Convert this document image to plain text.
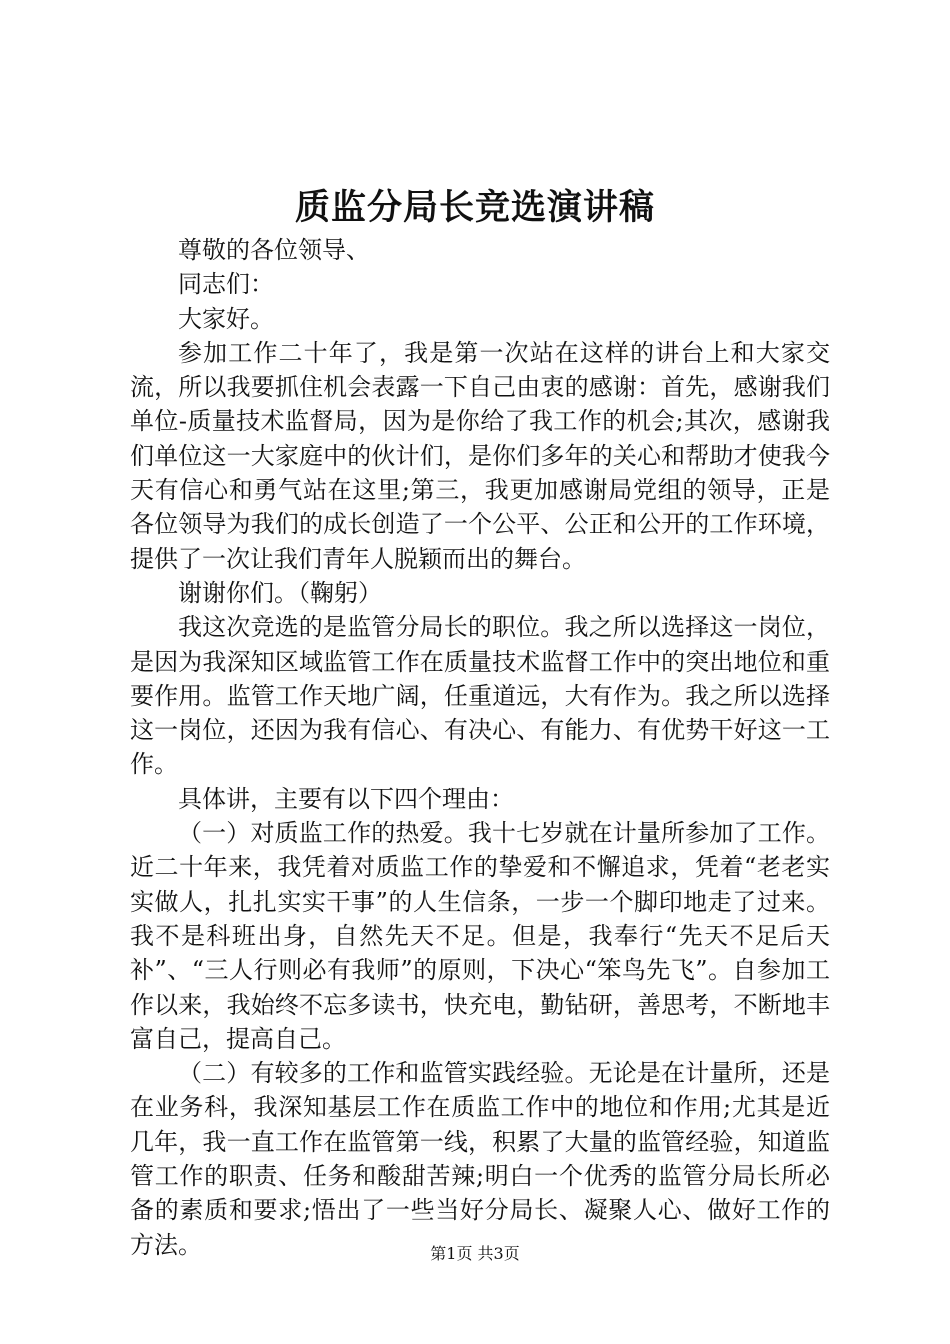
质监分局长竞选演讲稿

尊敬的各位领导、

同志们：

大家好。

参加工作二十年了，我是第一次站在这样的讲台上和大家交流，所以我要抓住机会表露一下自己由衷的感谢：首先，感谢我们单位-质量技术监督局，因为是你给了我工作的机会;其次，感谢我们单位这一大家庭中的伙计们，是你们多年的关心和帮助才使我今天有信心和勇气站在这里;第三，我更加感谢局党组的领导，正是各位领导为我们的成长创造了一个公平、公正和公开的工作环境，提供了一次让我们青年人脱颖而出的舞台。

谢谢你们。（鞠躬）

我这次竞选的是监管分局长的职位。我之所以选择这一岗位，是因为我深知区域监管工作在质量技术监督工作中的突出地位和重要作用。监管工作天地广阔，任重道远，大有作为。我之所以选择这一岗位，还因为我有信心、有决心、有能力、有优势干好这一工作。

具体讲，主要有以下四个理由：

（一）对质监工作的热爱。我十七岁就在计量所参加了工作。近二十年来，我凭着对质监工作的挚爱和不懈追求，凭着“老老实实做人，扎扎实实干事”的人生信条，一步一个脚印地走了过来。我不是科班出身，自然先天不足。但是，我奉行“先天不足后天补”、“三人行则必有我师”的原则，下决心“笨鸟先飞”。自参加工作以来，我始终不忘多读书，快充电，勤钻研，善思考，不断地丰富自己，提高自己。

（二）有较多的工作和监管实践经验。无论是在计量所，还是在业务科，我深知基层工作在质监工作中的地位和作用;尤其是近几年，我一直工作在监管第一线，积累了大量的监管经验，知道监管工作的职责、任务和酸甜苦辣;明白一个优秀的监管分局长所必备的素质和要求;悟出了一些当好分局长、凝聚人心、做好工作的方法。	第1页 共3页
